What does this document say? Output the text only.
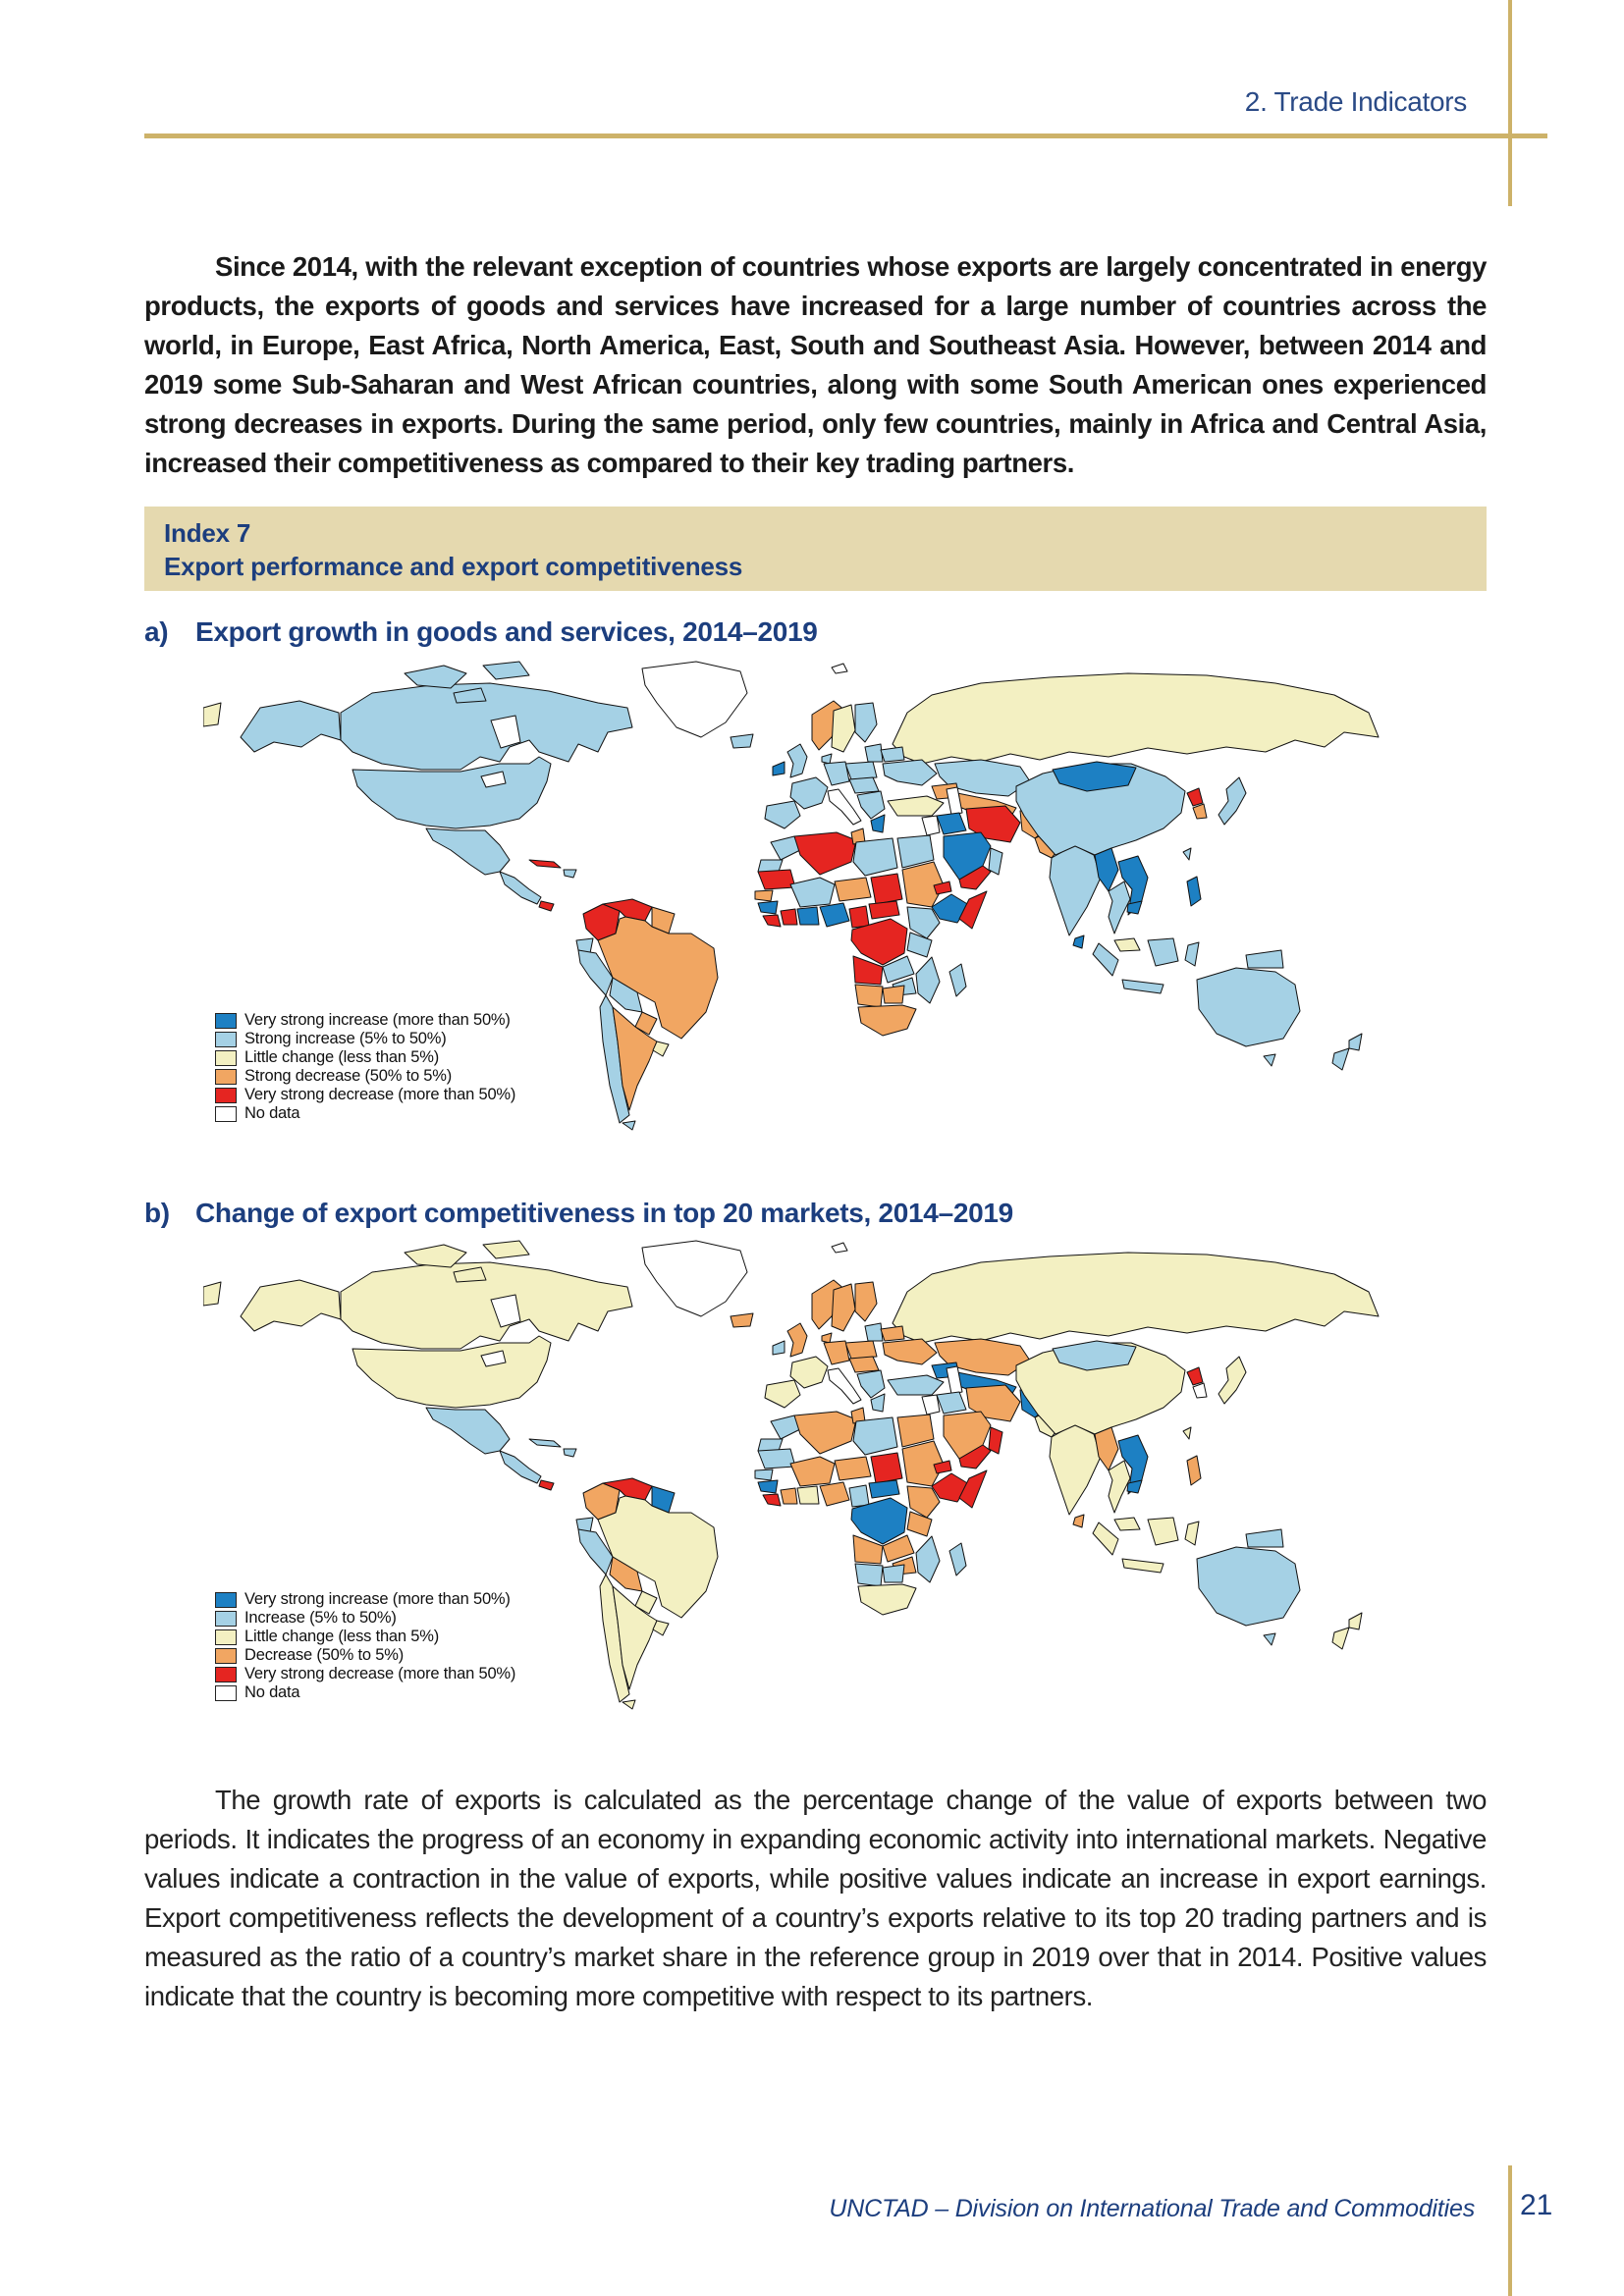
2. Trade Indicators

Since 2014, with the relevant exception of countries whose exports are largely concentrated in energy products, the exports of goods and services have increased for a large number of countries across the world, in Europe, East Africa, North America, East, South and Southeast Asia. However, between 2014 and 2019 some Sub-Saharan and West African countries, along with some South American ones experienced strong decreases in exports. During the same period, only few countries, mainly in Africa and Central Asia, increased their competitiveness as compared to their key trading partners.

Index 7
Export performance and export competitiveness
a) Export growth in goods and services, 2014–2019
Very strong increase (more than 50%)
Strong increase (5% to 50%)
Little change (less than 5%)
Strong decrease (50% to 5%)
Very strong decrease (more than 50%)
No data
b) Change of export competitiveness in top 20 markets, 2014–2019
Very strong increase (more than 50%)
Increase (5% to 50%)
Little change (less than 5%)
Decrease (50% to 5%)
Very strong decrease (more than 50%)
No data

The growth rate of exports is calculated as the percentage change of the value of exports between two periods. It indicates the progress of an economy in expanding economic activity into international markets. Negative values indicate a contraction in the value of exports, while positive values indicate an increase in export earnings. Export competitiveness reflects the development of a country’s exports relative to its top 20 trading partners and is measured as the ratio of a country’s market share in the reference group in 2019 over that in 2014. Positive values indicate that the country is becoming more competitive with respect to its partners.

UNCTAD – Division on International Trade and Commodities 21
